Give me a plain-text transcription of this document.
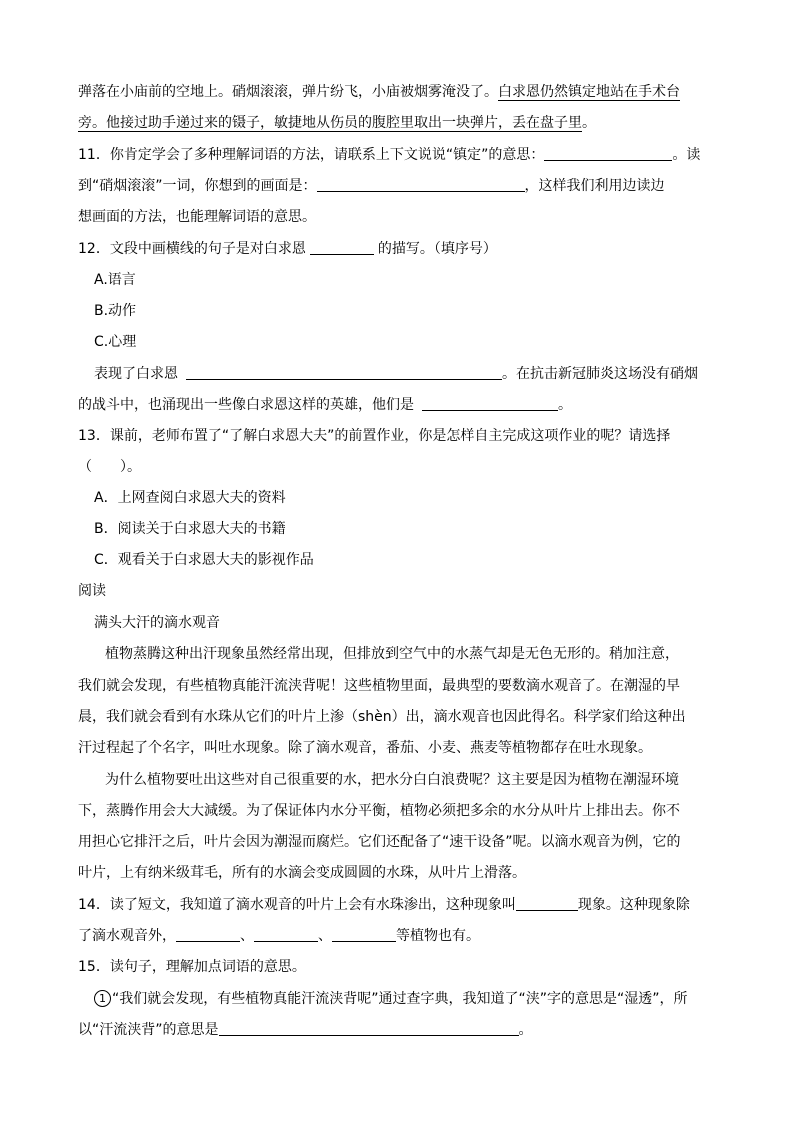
弹落在小庙前的空地上。硝烟滚滚，弹片纷飞，小庙被烟雾淹没了。白求恩仍然镇定地站在手术台
旁。他接过助手递过来的镊子，敏捷地从伤员的腹腔里取出一块弹片，丢在盘子里。
11．你肯定学会了多种理解词语的方法，请联系上下文说说“镇定”的意思：	。读
到“硝烟滚滚”一词，你想到的画面是：	，这样我们利用边读边
想画面的方法，也能理解词语的意思。
12．文段中画横线的句子是对白求恩	的描写。（填序号）
A.语言
B.动作
C.心理
表现了白求恩	。在抗击新冠肺炎这场没有硝烟
的战斗中，也涌现出一些像白求恩这样的英雄，他们是	。
13．课前，老师布置了“了解白求恩大夫”的前置作业，你是怎样自主完成这项作业的呢？请选择
（　　）。
A．上网查阅白求恩大夫的资料
B．阅读关于白求恩大夫的书籍
C．观看关于白求恩大夫的影视作品
阅读
满头大汗的滴水观音
植物蒸腾这种出汗现象虽然经常出现，但排放到空气中的水蒸气却是无色无形的。稍加注意，
我们就会发现，有些植物真能汗流浃背呢！这些植物里面，最典型的要数滴水观音了。在潮湿的早
晨，我们就会看到有水珠从它们的叶片上渗（shèn）出，滴水观音也因此得名。科学家们给这种出
汗过程起了个名字，叫吐水现象。除了滴水观音，番茄、小麦、燕麦等植物都存在吐水现象。
为什么植物要吐出这些对自己很重要的水，把水分白白浪费呢？这主要是因为植物在潮湿环境
下，蒸腾作用会大大減缓。为了保证体内水分平衡，植物必须把多余的水分从叶片上排出去。你不
用担心它排汗之后，叶片会因为潮湿而腐烂。它们还配备了“速干设备”呢。以滴水观音为例，它的
叶片，上有纳米级茸毛，所有的水滴会变成圆圆的水珠，从叶片上滑落。
14．读了短文，我知道了滴水观音的叶片上会有水珠渗出，这种现象叫	现象。这种现象除
了滴水观音外，	、	、	等植物也有。
15．读句子，理解加点词语的意思。
1 “我们就会发现，有些植物真能汗流浃背呢”通过查字典，我知道了“浃”字的意思是“湿透”，所
以“汗流浃背”的意思是	。
